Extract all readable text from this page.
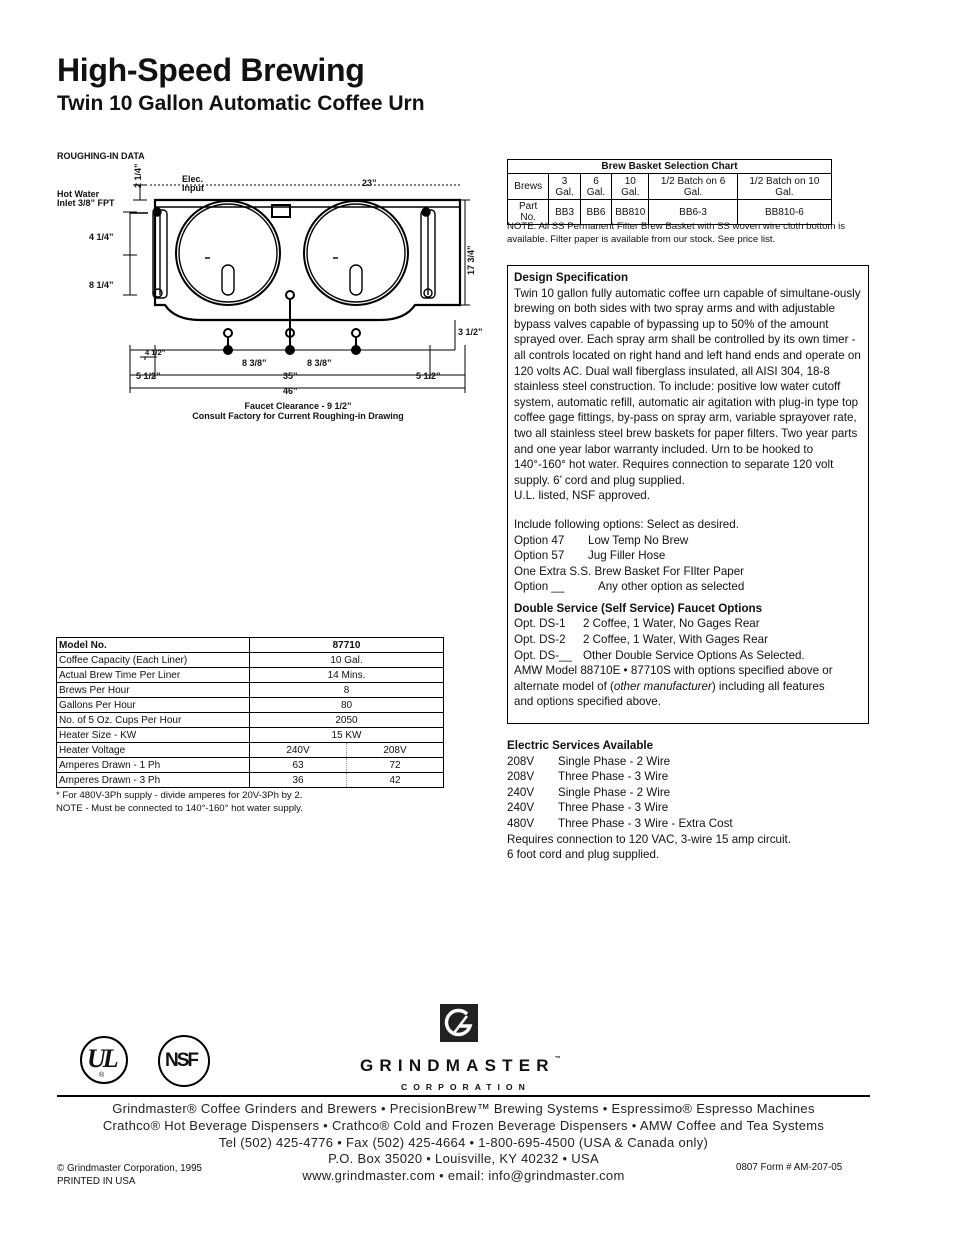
High-Speed Brewing
Twin 10 Gallon Automatic Coffee Urn
ROUGHING-IN DATA
Elec.
Input
Hot Water
Inlet 3/8” FPT
2 1/4”	23”
4 1/4”
8 1/4”
17 3/4”
3 1/2”
4 1/2”
8 3/8”	8 3/8”
5 1/2”	35”	5 1/2”
46”
Faucet Clearance - 9 1/2”
Consult Factory for Current Roughing-in Drawing
Brew Basket Selection Chart					
Brews	3 Gal.	6 Gal.	10 Gal.	1/2 Batch on 6 Gal.	1/2 Batch on 10 Gal.
Part No.	BB3	BB6	BB810	BB6-3	BB810-6
NOTE: All SS Permanent Filter Brew Basket with SS woven wire cloth bottom is available. Filter paper is available from our stock. See price list.
Design Specification
Twin 10 gallon fully automatic coffee urn capable of simultane-ously brewing on both sides with two spray arms and with adjustable bypass valves capable of bypassing up to 50% of the amount sprayed over. Each spray arm shall be controlled by its own timer - all controls located on right hand and left hand ends and operate on 120 volts AC. Dual wall fiberglass insulated, all AISI 304, 18-8 stainless steel construction. To include: positive low water cutoff system, automatic refill, automatic air agitation with plug-in type top coffee gage fittings, by-pass on spray arm, variable sprayover rate, two all stainless steel brew baskets for paper filters. Two year parts and one year labor warranty included. Urn to be hooked to 140°-160° hot water. Requires connection to separate 120 volt supply. 6’ cord and plug supplied.
U.L. listed, NSF approved.
Include following options: Select as desired.
Option 47	Low Temp No Brew
Option 57	Jug Filler Hose
One Extra S.S. Brew Basket For FIlter Paper
Option __	Any other option as selected
Double Service (Self Service) Faucet Options
Opt. DS-1	2 Coffee, 1 Water, No Gages Rear
Opt. DS-2	2 Coffee, 1 Water, With Gages Rear
Opt. DS-__ Other Double Service Options As Selected.
AMW Model 88710E • 87710S with options specified above or
alternate model of (other manufacturer) including all features
and options specified above.
Electric Services Available
208V	Single Phase - 2 Wire
208V	Three Phase - 3 Wire
240V	Single Phase - 2 Wire
240V	Three Phase - 3 Wire
480V	Three Phase - 3 Wire - Extra Cost
Requires connection to 120 VAC, 3-wire 15 amp circuit.
6 foot cord and plug supplied.
Model No.	87710	
Coffee Capacity (Each Liner)	10 Gal.	
Actual Brew Time Per Liner	14 Mins.	
Brews Per Hour	8	
Gallons Per Hour	80	
No. of 5 Oz. Cups Per Hour	2050	
Heater Size - KW	15 KW	
Heater Voltage	240V	208V
Amperes Drawn - 1 Ph	63	72
Amperes Drawn - 3 Ph	36	42
* For 480V-3Ph supply - divide amperes for 20V-3Ph by 2.
NOTE - Must be connected to 140°-160° hot water supply.
UL
®
NSF	GRINDMASTER™
CORPORATION
Grindmaster® Coffee Grinders and Brewers • PrecisionBrew™ Brewing Systems • Espressimo® Espresso Machines
Crathco® Hot Beverage Dispensers • Crathco® Cold and Frozen Beverage Dispensers • AMW Coffee and Tea Systems
Tel (502) 425-4776 • Fax (502) 425-4664 • 1-800-695-4500 (USA & Canada only)
P.O. Box 35020 • Louisville, KY 40232 • USA
www.grindmaster.com • email: info@grindmaster.com
© Grindmaster Corporation, 1995
PRINTED IN USA
0807 Form # AM-207-05
